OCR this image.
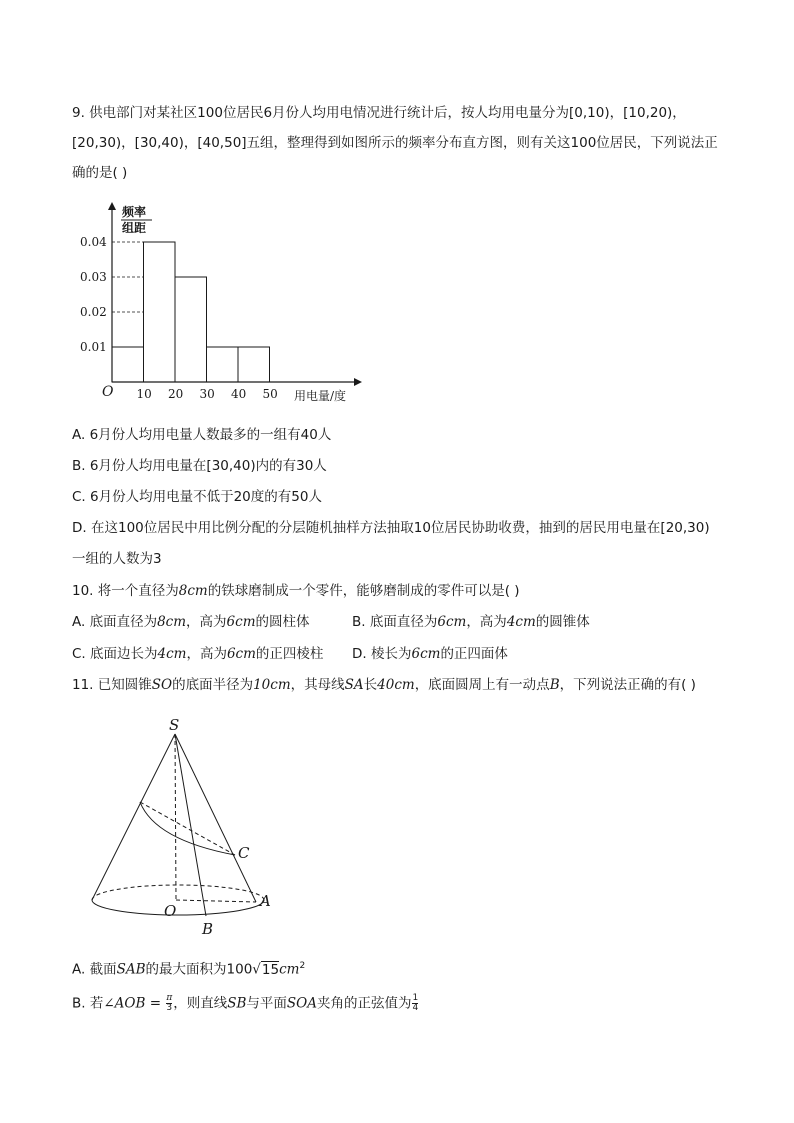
9. 供电部门对某社区100位居民6月份人均用电情况进行统计后，按人均用电量分为[0,10)，[10,20)，
[20,30)，[30,40)，[40,50]五组，整理得到如图所示的频率分布直方图，则有关这100位居民，下列说法正
确的是( )
频率
组距
0.01
0.02
0.03
0.04
10 20 30 40 50
O	用电量/度
A. 6月份人均用电量人数最多的一组有40人
B. 6月份人均用电量在[30,40)内的有30人
C. 6月份人均用电量不低于20度的有50人
D. 在这100位居民中用比例分配的分层随机抽样方法抽取10位居民协助收费，抽到的居民用电量在[20,30)
一组的人数为3
10. 将一个直径为8cm的铁球磨制成一个零件，能够磨制成的零件可以是( )
A. 底面直径为8cm，高为6cm的圆柱体	B. 底面直径为6cm，高为4cm的圆锥体
C. 底面边长为4cm，高为6cm的正四棱柱 D. 棱长为6cm的正四面体
11. 已知圆锥SO的底面半径为10cm，其母线SA长40cm，底面圆周上有一动点B，下列说法正确的有( )
S
C
O
A
B
A. 截面SAB的最大面积为$100√15cm^2$
B. 若∠AOB = $\frac{\pi}{3}$ ，则直线SB与平面SOA夹角的正弦值为 $\frac{1}{4}$
